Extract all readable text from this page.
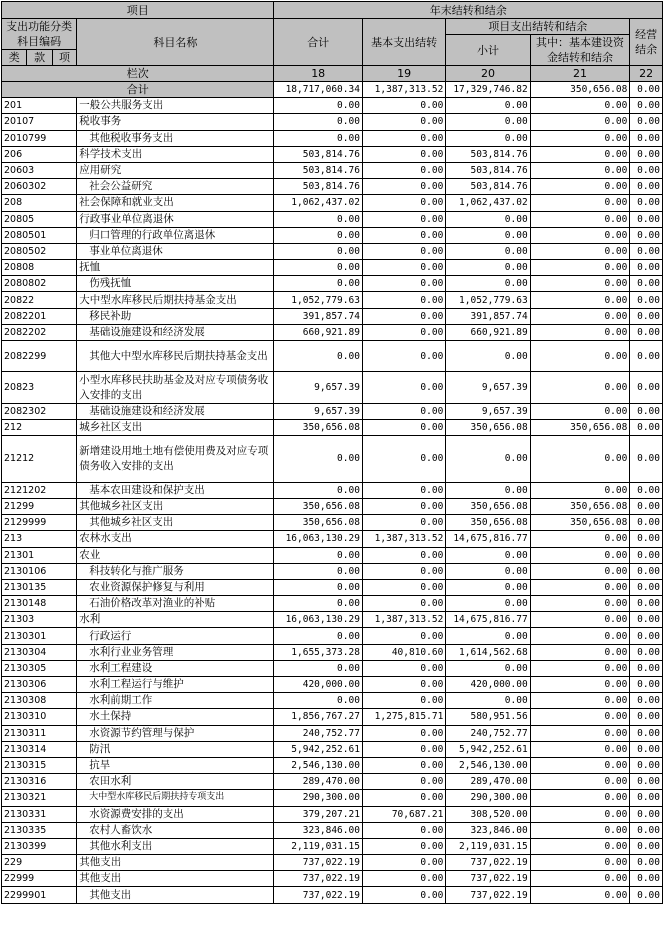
项目				年末结转和结余				
支出功能分类科目编码			科目名称	合计	基本支出结转	项目支出结转和结余		经营结余
						小计	其中：基本建设资金结转和结余	
类	款	项						
栏次				18	19	20	21	22
合计				18,717,060.34	1,387,313.52	17,329,746.82	350,656.08	0.00
201			一般公共服务支出	0.00	0.00	0.00	0.00	0.00
20107			税收事务	0.00	0.00	0.00	0.00	0.00
2010799			其他税收事务支出	0.00	0.00	0.00	0.00	0.00
206			科学技术支出	503,814.76	0.00	503,814.76	0.00	0.00
20603			应用研究	503,814.76	0.00	503,814.76	0.00	0.00
2060302			社会公益研究	503,814.76	0.00	503,814.76	0.00	0.00
208			社会保障和就业支出	1,062,437.02	0.00	1,062,437.02	0.00	0.00
20805			行政事业单位离退休	0.00	0.00	0.00	0.00	0.00
2080501			归口管理的行政单位离退休	0.00	0.00	0.00	0.00	0.00
2080502			事业单位离退休	0.00	0.00	0.00	0.00	0.00
20808			抚恤	0.00	0.00	0.00	0.00	0.00
2080802			伤残抚恤	0.00	0.00	0.00	0.00	0.00
20822			大中型水库移民后期扶持基金支出	1,052,779.63	0.00	1,052,779.63	0.00	0.00
2082201			移民补助	391,857.74	0.00	391,857.74	0.00	0.00
2082202			基础设施建设和经济发展	660,921.89	0.00	660,921.89	0.00	0.00
2082299			其他大中型水库移民后期扶持基金支出	0.00	0.00	0.00	0.00	0.00
20823			小型水库移民扶助基金及对应专项债务收入安排的支出	9,657.39	0.00	9,657.39	0.00	0.00
2082302			基础设施建设和经济发展	9,657.39	0.00	9,657.39	0.00	0.00
212			城乡社区支出	350,656.08	0.00	350,656.08	350,656.08	0.00
21212			新增建设用地土地有偿使用费及对应专项债务收入安排的支出	0.00	0.00	0.00	0.00	0.00
2121202			基本农田建设和保护支出	0.00	0.00	0.00	0.00	0.00
21299			其他城乡社区支出	350,656.08	0.00	350,656.08	350,656.08	0.00
2129999			其他城乡社区支出	350,656.08	0.00	350,656.08	350,656.08	0.00
213			农林水支出	16,063,130.29	1,387,313.52	14,675,816.77	0.00	0.00
21301			农业	0.00	0.00	0.00	0.00	0.00
2130106			科技转化与推广服务	0.00	0.00	0.00	0.00	0.00
2130135			农业资源保护修复与利用	0.00	0.00	0.00	0.00	0.00
2130148			石油价格改革对渔业的补贴	0.00	0.00	0.00	0.00	0.00
21303			水利	16,063,130.29	1,387,313.52	14,675,816.77	0.00	0.00
2130301			行政运行	0.00	0.00	0.00	0.00	0.00
2130304			水利行业业务管理	1,655,373.28	40,810.60	1,614,562.68	0.00	0.00
2130305			水利工程建设	0.00	0.00	0.00	0.00	0.00
2130306			水利工程运行与维护	420,000.00	0.00	420,000.00	0.00	0.00
2130308			水利前期工作	0.00	0.00	0.00	0.00	0.00
2130310			水土保持	1,856,767.27	1,275,815.71	580,951.56	0.00	0.00
2130311			水资源节约管理与保护	240,752.77	0.00	240,752.77	0.00	0.00
2130314			防汛	5,942,252.61	0.00	5,942,252.61	0.00	0.00
2130315			抗旱	2,546,130.00	0.00	2,546,130.00	0.00	0.00
2130316			农田水利	289,470.00	0.00	289,470.00	0.00	0.00
2130321			大中型水库移民后期扶持专项支出	290,300.00	0.00	290,300.00	0.00	0.00
2130331			水资源费安排的支出	379,207.21	70,687.21	308,520.00	0.00	0.00
2130335			农村人畜饮水	323,846.00	0.00	323,846.00	0.00	0.00
2130399			其他水利支出	2,119,031.15	0.00	2,119,031.15	0.00	0.00
229			其他支出	737,022.19	0.00	737,022.19	0.00	0.00
22999			其他支出	737,022.19	0.00	737,022.19	0.00	0.00
2299901			其他支出	737,022.19	0.00	737,022.19	0.00	0.00
